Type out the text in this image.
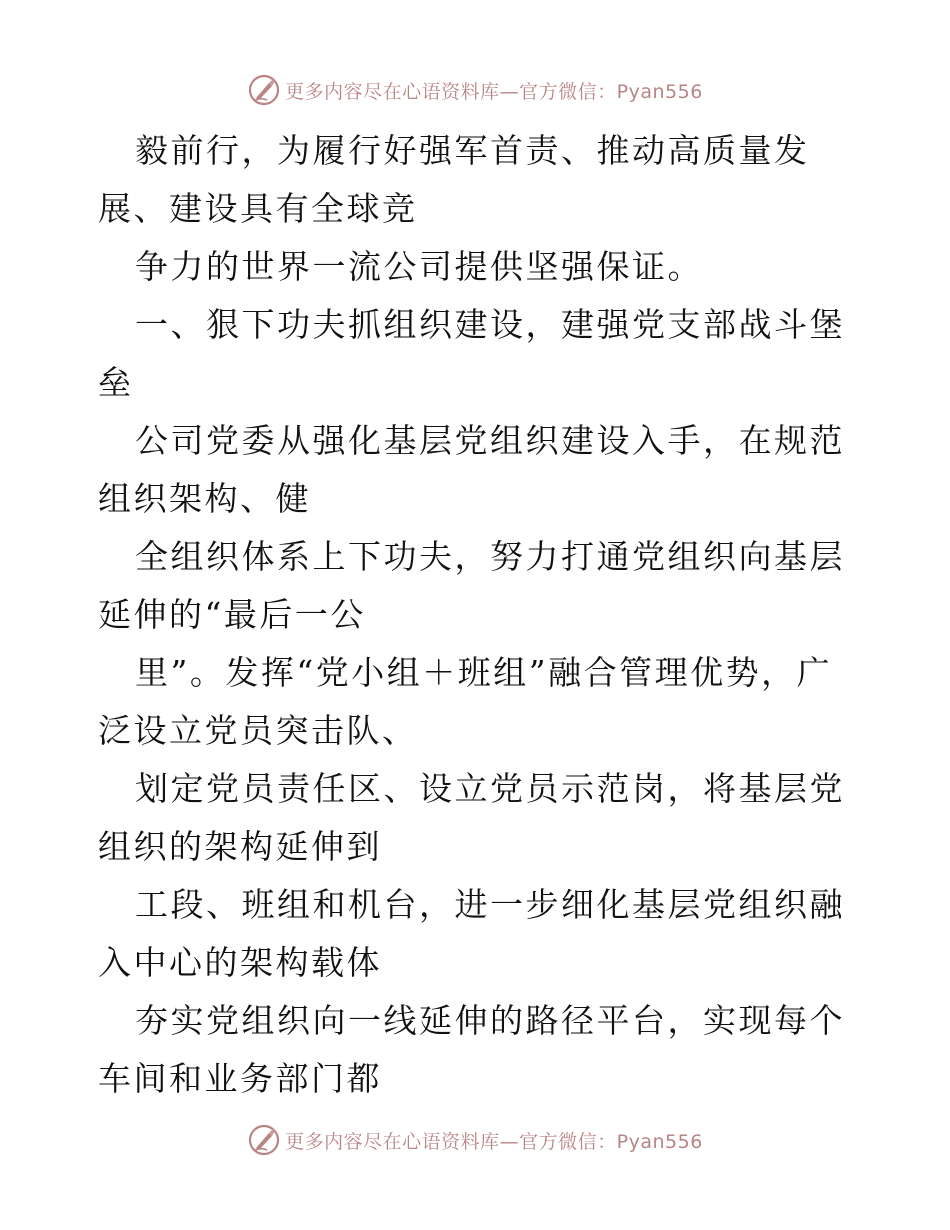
更多内容尽在心语资料库—官方微信：Pyan556

毅前行，为履行好强军首责、推动高质量发展、建设具有全球竞

争力的世界一流公司提供坚强保证。

一、狠下功夫抓组织建设，建强党支部战斗堡垒

公司党委从强化基层党组织建设入手，在规范组织架构、健

全组织体系上下功夫，努力打通党组织向基层延伸的“最后一公

里”。发挥“党小组＋班组”融合管理优势，广泛设立党员突击队、

划定党员责任区、设立党员示范岗，将基层党组织的架构延伸到

工段、班组和机台，进一步细化基层党组织融入中心的架构载体

夯实党组织向一线延伸的路径平台，实现每个车间和业务部门都

更多内容尽在心语资料库—官方微信：Pyan556
